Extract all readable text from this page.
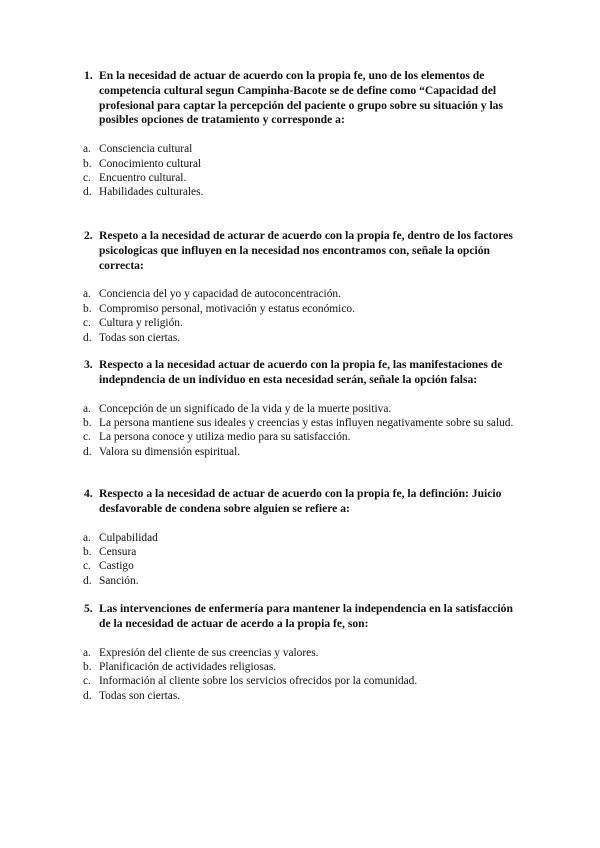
1. En la necesidad de actuar de acuerdo con la propia fe, uno de los elementos de competencia cultural segun Campinha-Bacote se de define como “Capacidad del profesional para captar la percepción del paciente o grupo sobre su situación y las posibles opciones de tratamiento y corresponde a:
a. Consciencia cultural
b. Conocimiento cultural
c. Encuentro cultural.
d. Habilidades culturales.
2. Respeto a la necesidad de acturar de acuerdo con la propia fe, dentro de los factores psicologicas que influyen en la necesidad nos encontramos con, señale la opción correcta:
a. Conciencia del yo y capacidad de autoconcentración.
b. Compromiso personal, motivación y estatus económico.
c. Cultura y religión.
d. Todas son ciertas.
3. Respecto a la necesidad actuar de acuerdo con la propia fe, las manifestaciones de indepndencia de un individuo en esta necesidad serán, señale la opción falsa:
a. Concepción de un significado de la vida y de la muerte positiva.
b. La persona mantiene sus ideales y creencias y estas influyen negativamente sobre su salud.
c. La persona conoce y utiliza medio para su satisfacción.
d. Valora su dimensión espiritual.
4. Respecto a la necesidad de actuar de acuerdo con la propia fe, la definción: Juicio desfavorable de condena sobre alguien se refiere a:
a. Culpabilidad
b. Censura
c. Castigo
d. Sanción.
5. Las intervenciones de enfermería para mantener la independencia en la satisfacción de la necesidad de actuar de acerdo a la propia fe, son:
a. Expresión del cliente de sus creencias y valores.
b. Planificación de actividades religiosas.
c. Información al cliente sobre los servicios ofrecidos por la comunidad.
d. Todas son ciertas.
